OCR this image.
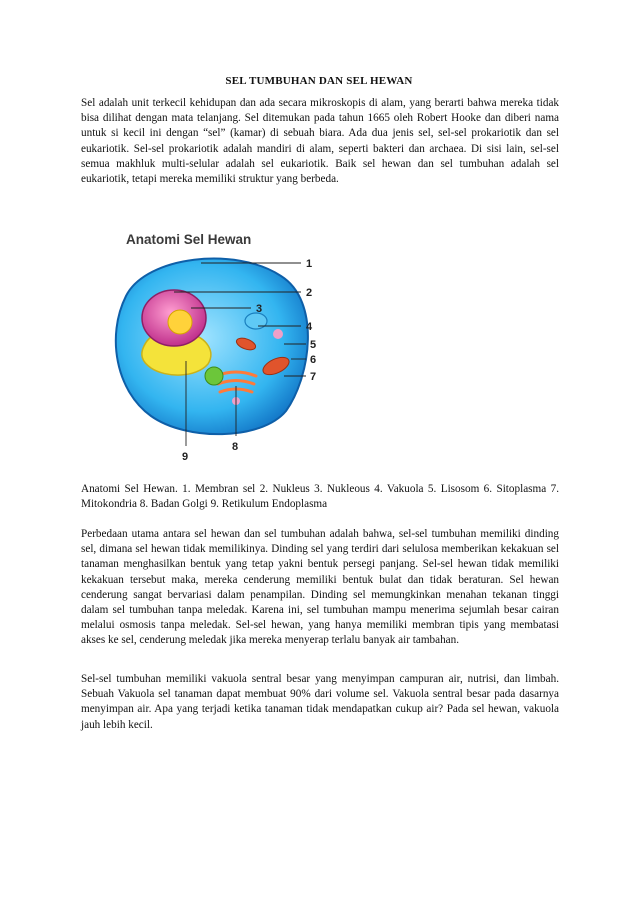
SEL TUMBUHAN DAN SEL HEWAN

Sel adalah unit terkecil kehidupan dan ada secara mikroskopis di alam, yang berarti bahwa mereka tidak bisa dilihat dengan mata telanjang. Sel ditemukan pada tahun 1665 oleh Robert Hooke dan diberi nama untuk si kecil ini dengan “sel” (kamar) di sebuah biara. Ada dua jenis sel, sel-sel prokariotik dan sel eukariotik. Sel-sel prokariotik adalah mandiri di alam, seperti bakteri dan archaea. Di sisi lain, sel-sel semua makhluk multi-selular adalah sel eukariotik. Baik sel hewan dan sel tumbuhan adalah sel eukariotik, tetapi mereka memiliki struktur yang berbeda.

Anatomi Sel Hewan
1
2
3
4
5
6
7
8
9

Anatomi Sel Hewan. 1. Membran sel 2. Nukleus 3. Nukleous 4. Vakuola 5. Lisosom 6. Sitoplasma 7. Mitokondria 8. Badan Golgi 9. Retikulum Endoplasma

Perbedaan utama antara sel hewan dan sel tumbuhan adalah bahwa, sel-sel tumbuhan memiliki dinding sel, dimana sel hewan tidak memilikinya. Dinding sel yang terdiri dari selulosa memberikan kekakuan sel tanaman menghasilkan bentuk yang tetap yakni bentuk persegi panjang. Sel-sel hewan tidak memiliki kekakuan tersebut maka, mereka cenderung memiliki bentuk bulat dan tidak beraturan. Sel hewan cenderung sangat bervariasi dalam penampilan. Dinding sel memungkinkan menahan tekanan tinggi dalam sel tumbuhan tanpa meledak. Karena ini, sel tumbuhan mampu menerima sejumlah besar cairan melalui osmosis tanpa meledak. Sel-sel hewan, yang hanya memiliki membran tipis yang membatasi akses ke sel, cenderung meledak jika mereka menyerap terlalu banyak air tambahan.

Sel-sel tumbuhan memiliki vakuola sentral besar yang menyimpan campuran air, nutrisi, dan limbah. Sebuah Vakuola sel tanaman dapat membuat 90% dari volume sel. Vakuola sentral besar pada dasarnya menyimpan air. Apa yang terjadi ketika tanaman tidak mendapatkan cukup air? Pada sel hewan, vakuola jauh lebih kecil.
